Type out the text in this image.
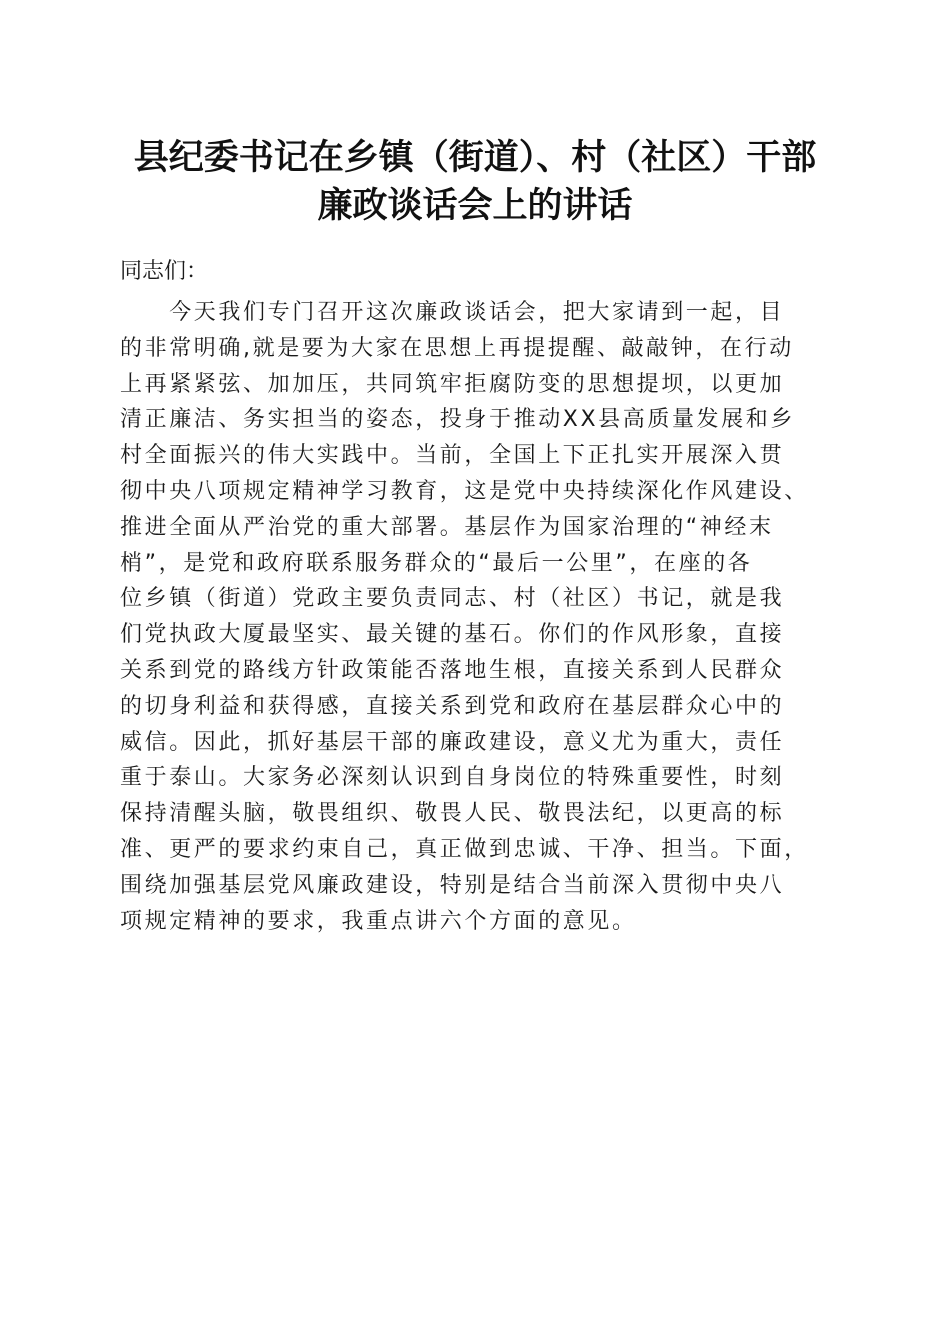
县纪委书记在乡镇（街道）、村（社区）干部
廉政谈话会上的讲话
同志们：
　　今天我们专门召开这次廉政谈话会，把大家请到一起，目
的非常明确,就是要为大家在思想上再提提醒、敲敲钟，在行动
上再紧紧弦、加加压，共同筑牢拒腐防变的思想提坝，以更加
清正廉洁、务实担当的姿态，投身于推动XX县高质量发展和乡
村全面振兴的伟大实践中。当前，全国上下正扎实开展深入贯
彻中央八项规定精神学习教育，这是党中央持续深化作风建设、
推进全面从严治党的重大部署。基层作为国家治理的“神经末
梢”，是党和政府联系服务群众的“最后一公里”，在座的各
位乡镇（街道）党政主要负责同志、村（社区）书记，就是我
们党执政大厦最坚实、最关键的基石。你们的作风形象，直接
关系到党的路线方针政策能否落地生根，直接关系到人民群众
的切身利益和获得感，直接关系到党和政府在基层群众心中的
威信。因此，抓好基层干部的廉政建设，意义尤为重大，责任
重于泰山。大家务必深刻认识到自身岗位的特殊重要性，时刻
保持清醒头脑，敬畏组织、敬畏人民、敬畏法纪，以更高的标
准、更严的要求约束自己，真正做到忠诚、干净、担当。下面，
围绕加强基层党风廉政建设，特别是结合当前深入贯彻中央八
项规定精神的要求，我重点讲六个方面的意见。
